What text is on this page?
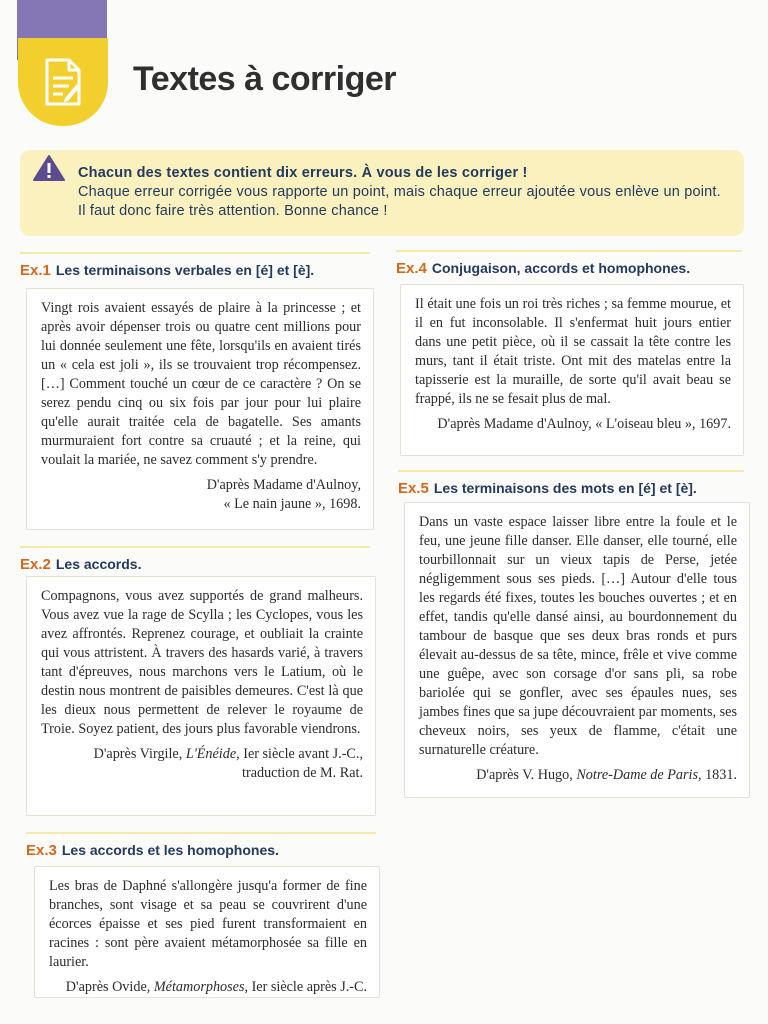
Textes à corriger
Chacun des textes contient dix erreurs. À vous de les corriger !
Chaque erreur corrigée vous rapporte un point, mais chaque erreur ajoutée vous enlève un point. Il faut donc faire très attention. Bonne chance !
Ex.1 Les terminaisons verbales en [é] et [è].
Vingt rois avaient essayés de plaire à la princesse ; et après avoir dépenser trois ou quatre cent millions pour lui donnée seulement une fête, lorsqu'ils en avaient tirés un « cela est joli », ils se trouvaient trop récompensez. […] Comment touché un cœur de ce caractère ? On se serez pendu cinq ou six fois par jour pour lui plaire qu'elle aurait traitée cela de bagatelle. Ses amants murmuraient fort contre sa cruauté ; et la reine, qui voulait la mariée, ne savez comment s'y prendre.
D'après Madame d'Aulnoy,
« Le nain jaune », 1698.
Ex.2 Les accords.
Compagnons, vous avez supportés de grand malheurs. Vous avez vue la rage de Scylla ; les Cyclopes, vous les avez affrontés. Reprenez courage, et oubliait la crainte qui vous attristent. À travers des hasards varié, à travers tant d'épreuves, nous marchons vers le Latium, où le destin nous montrent de paisibles demeures. C'est là que les dieux nous permettent de relever le royaume de Troie. Soyez patient, des jours plus favorable viendrons.
D'après Virgile, L'Énéide, Ier siècle avant J.-C.,
traduction de M. Rat.
Ex.3 Les accords et les homophones.
Les bras de Daphné s'allongère jusqu'a former de fine branches, sont visage et sa peau se couvrirent d'une écorces épaisse et ses pied furent transformaient en racines : sont père avaient métamorphosée sa fille en laurier.
D'après Ovide, Métamorphoses, Ier siècle après J.-C.
Ex.4 Conjugaison, accords et homophones.
Il était une fois un roi très riches ; sa femme mourue, et il en fut inconsolable. Il s'enfermat huit jours entier dans une petit pièce, où il se cassait la tête contre les murs, tant il était triste. Ont mit des matelas entre la tapisserie est la muraille, de sorte qu'il avait beau se frappé, ils ne se fesait plus de mal.
D'après Madame d'Aulnoy, « L'oiseau bleu », 1697.
Ex.5 Les terminaisons des mots en [é] et [è].
Dans un vaste espace laisser libre entre la foule et le feu, une jeune fille danser. Elle danser, elle tourné, elle tourbillonnait sur un vieux tapis de Perse, jetée négligemment sous ses pieds. […] Autour d'elle tous les regards été fixes, toutes les bouches ouvertes ; et en effet, tandis qu'elle dansé ainsi, au bourdonnement du tambour de basque que ses deux bras ronds et purs élevait au-dessus de sa tête, mince, frêle et vive comme une guêpe, avec son corsage d'or sans pli, sa robe bariolée qui se gonfler, avec ses épaules nues, ses jambes fines que sa jupe découvraient par moments, ses cheveux noirs, ses yeux de flamme, c'était une surnaturelle créature.
D'après V. Hugo, Notre-Dame de Paris, 1831.
